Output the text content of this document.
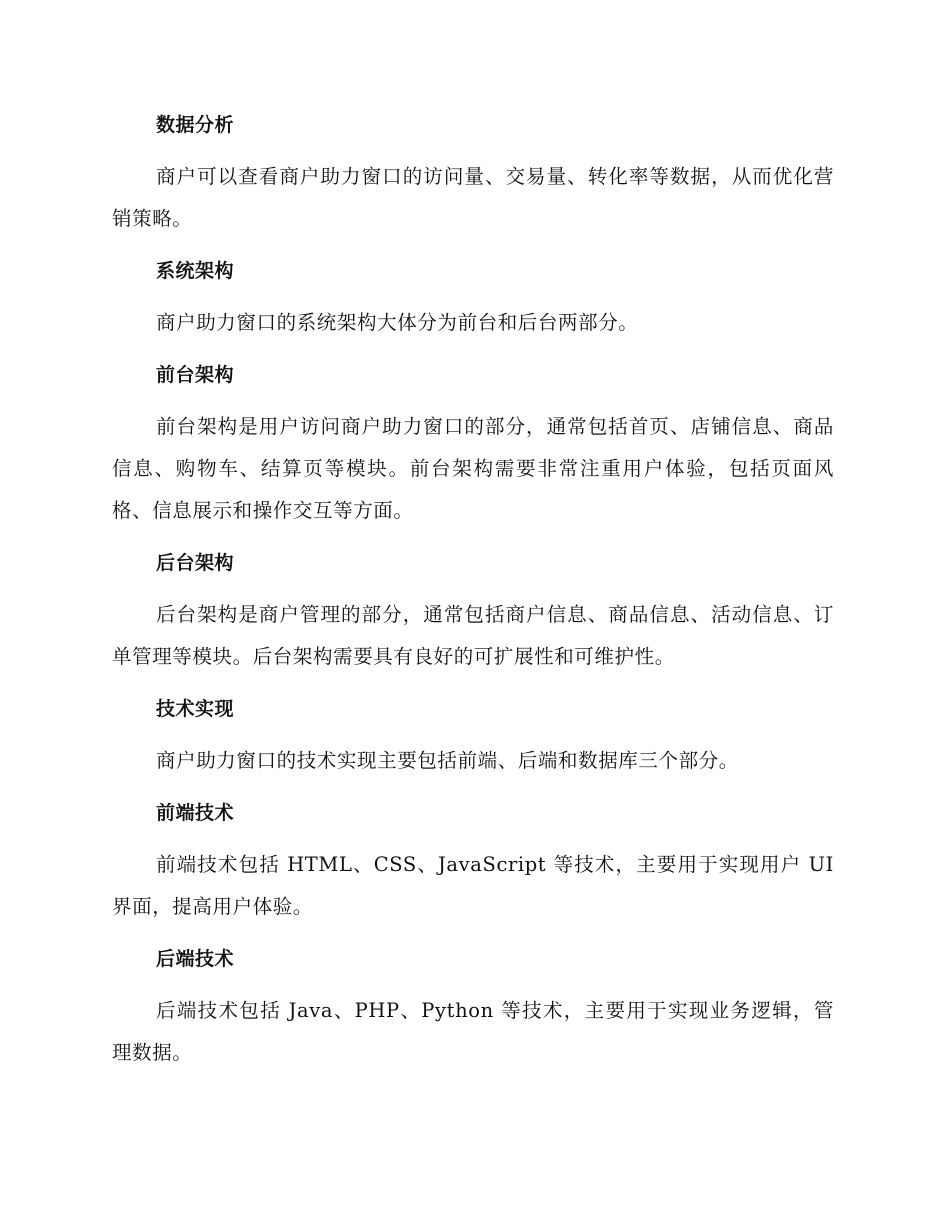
数据分析

商户可以查看商户助力窗口的访问量、交易量、转化率等数据，从而优化营销策略。

系统架构

商户助力窗口的系统架构大体分为前台和后台两部分。

前台架构

前台架构是用户访问商户助力窗口的部分，通常包括首页、店铺信息、商品信息、购物车、结算页等模块。前台架构需要非常注重用户体验，包括页面风格、信息展示和操作交互等方面。

后台架构

后台架构是商户管理的部分，通常包括商户信息、商品信息、活动信息、订单管理等模块。后台架构需要具有良好的可扩展性和可维护性。

技术实现

商户助力窗口的技术实现主要包括前端、后端和数据库三个部分。

前端技术

前端技术包括 HTML、CSS、JavaScript 等技术，主要用于实现用户 UI 界面，提高用户体验。

后端技术

后端技术包括 Java、PHP、Python 等技术，主要用于实现业务逻辑，管理数据。
